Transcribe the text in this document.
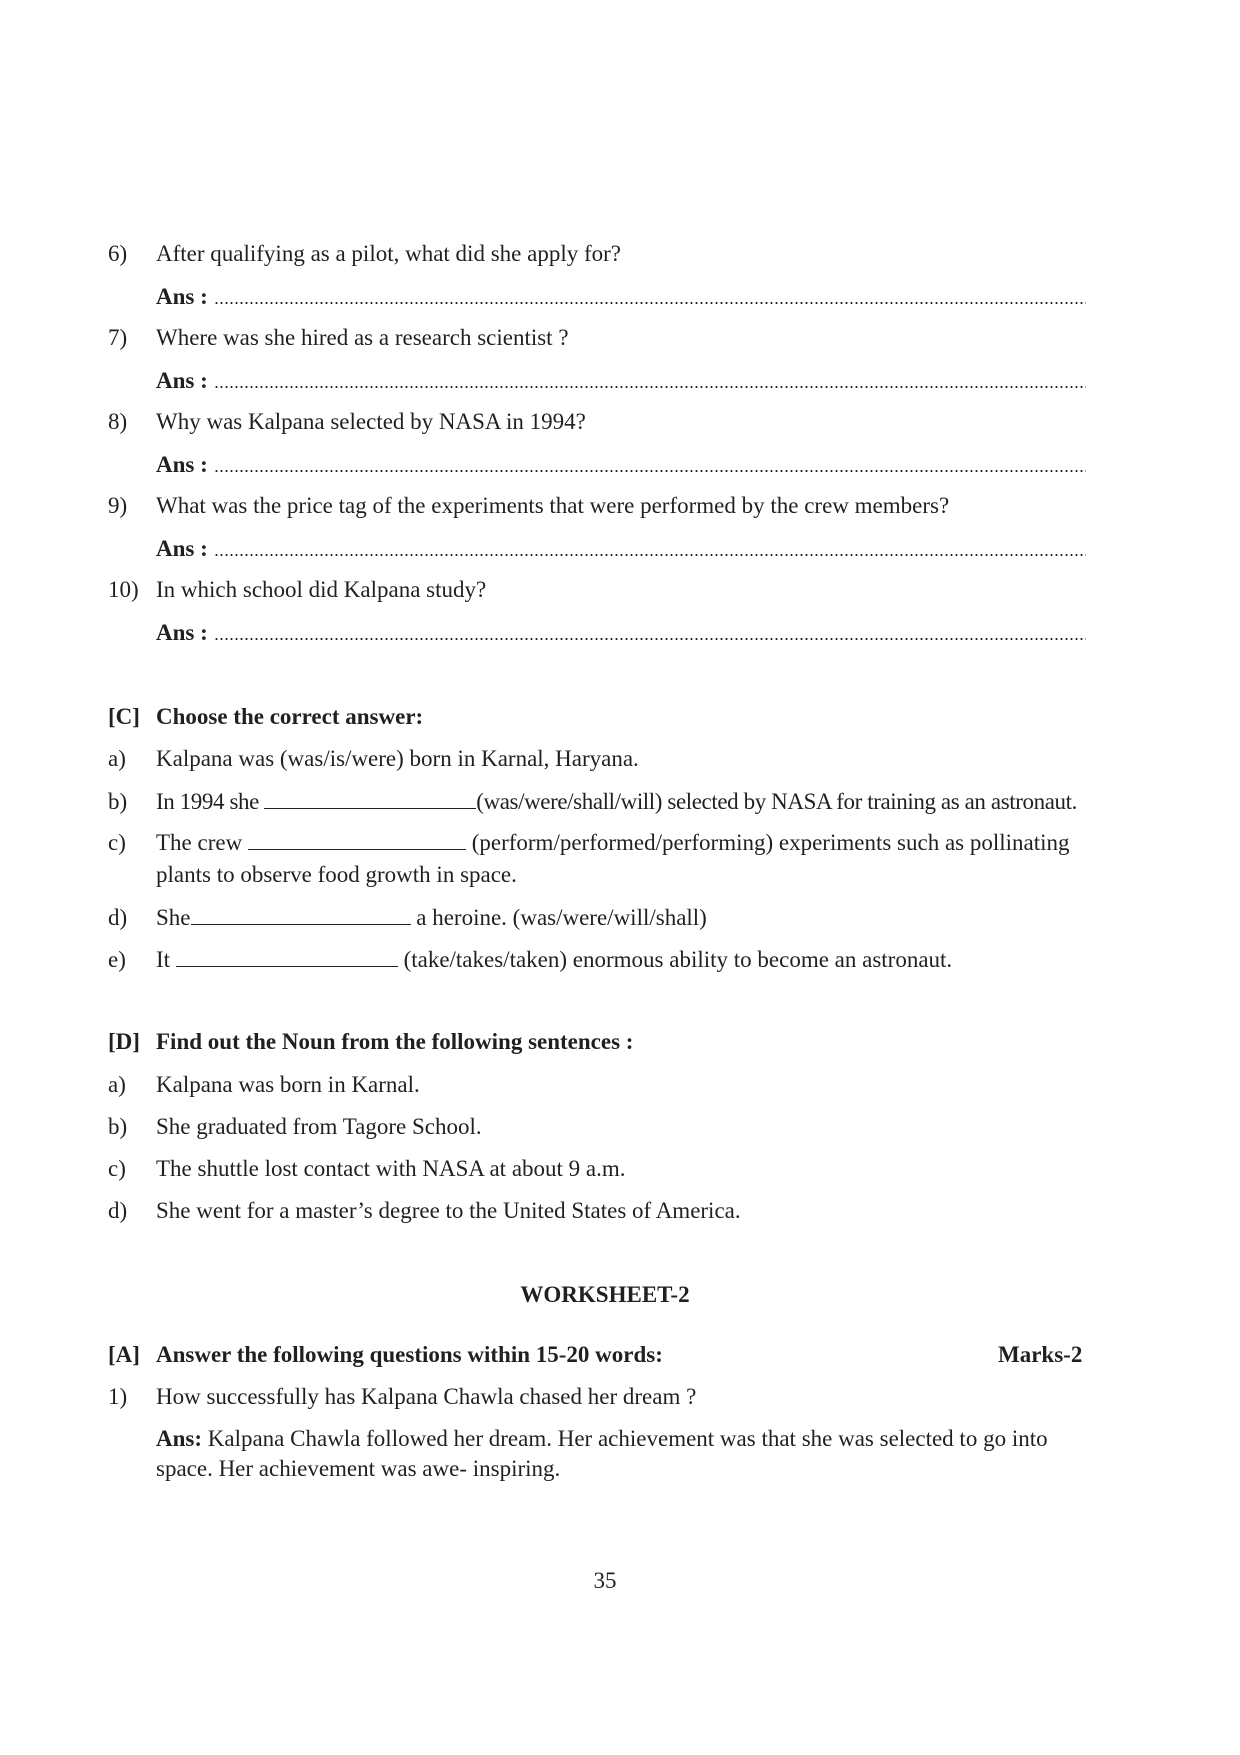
6) After qualifying as a pilot, what did she apply for?
Ans :
7) Where was she hired as a research scientist ?
Ans :
8) Why was Kalpana selected by NASA in 1994?
Ans :
9) What was the price tag of the experiments that were performed by the crew members?
Ans :
10) In which school did Kalpana study?
Ans :
[C] Choose the correct answer:
a) Kalpana was (was/is/were) born in Karnal, Haryana.
b) In 1994 she	(was/were/shall/will) selected by NASA for training as an astronaut.
c) The crew	(perform/performed/performing) experiments such as pollinating
plants to observe food growth in space.
d) She	a heroine. (was/were/will/shall)
e) It	(take/takes/taken) enormous ability to become an astronaut.
[D] Find out the Noun from the following sentences :
a) Kalpana was born in Karnal.
b) She graduated from Tagore School.
c) The shuttle lost contact with NASA at about 9 a.m.
d) She went for a master’s degree to the United States of America.
WORKSHEET-2
[A] Answer the following questions within 15-20 words:	Marks-2
1) How successfully has Kalpana Chawla chased her dream ?
Ans: Kalpana Chawla followed her dream. Her achievement was that she was selected to go into
space. Her achievement was awe- inspiring.
35
